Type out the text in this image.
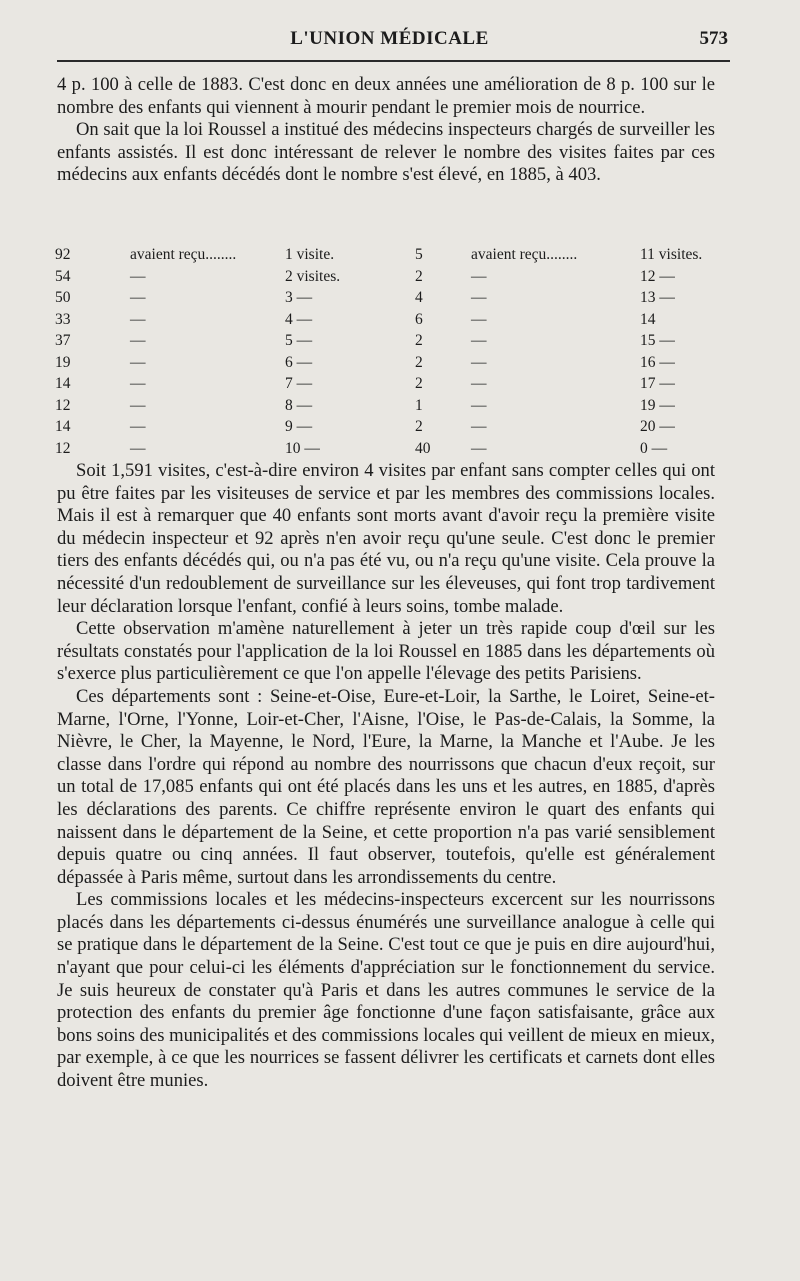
L'UNION MÉDICALE	573

4 p. 100 à celle de 1883. C'est donc en deux années une amélioration de 8 p. 100 sur le nombre des enfants qui viennent à mourir pendant le premier mois de nourrice.

On sait que la loi Roussel a institué des médecins inspecteurs chargés de surveiller les enfants assistés. Il est donc intéressant de relever le nombre des visites faites par ces médecins aux enfants décédés dont le nombre s'est élevé, en 1885, à 403.

92	avaient reçu........	1 visite.	5	avaient reçu........	11 visites.
54	—	2 visites.	2	—	12 —
50	—	3 —	4	—	13 —
33	—	4 —	6	—	14
37	—	5 —	2	—	15 —
19	—	6 —	2	—	16 —
14	—	7 —	2	—	17 —
12	—	8 —	1	—	19 —
14	—	9 —	2	—	20 —
12	—	10 —	40	—	0 —

Soit 1,591 visites, c'est-à-dire environ 4 visites par enfant sans compter celles qui ont pu être faites par les visiteuses de service et par les membres des commissions locales. Mais il est à remarquer que 40 enfants sont morts avant d'avoir reçu la première visite du médecin inspecteur et 92 après n'en avoir reçu qu'une seule. C'est donc le premier tiers des enfants décédés qui, ou n'a pas été vu, ou n'a reçu qu'une visite. Cela prouve la nécessité d'un redoublement de surveillance sur les éleveuses, qui font trop tardivement leur déclaration lorsque l'enfant, confié à leurs soins, tombe malade.

Cette observation m'amène naturellement à jeter un très rapide coup d'œil sur les résultats constatés pour l'application de la loi Roussel en 1885 dans les départements où s'exerce plus particulièrement ce que l'on appelle l'élevage des petits Parisiens.

Ces départements sont : Seine-et-Oise, Eure-et-Loir, la Sarthe, le Loiret, Seine-et-Marne, l'Orne, l'Yonne, Loir-et-Cher, l'Aisne, l'Oise, le Pas-de-Calais, la Somme, la Nièvre, le Cher, la Mayenne, le Nord, l'Eure, la Marne, la Manche et l'Aube. Je les classe dans l'ordre qui répond au nombre des nourrissons que chacun d'eux reçoit, sur un total de 17,085 enfants qui ont été placés dans les uns et les autres, en 1885, d'après les déclarations des parents. Ce chiffre représente environ le quart des enfants qui naissent dans le département de la Seine, et cette proportion n'a pas varié sensiblement depuis quatre ou cinq années. Il faut observer, toutefois, qu'elle est généralement dépassée à Paris même, surtout dans les arrondissements du centre.

Les commissions locales et les médecins-inspecteurs excercent sur les nourrissons placés dans les départements ci-dessus énumérés une surveillance analogue à celle qui se pratique dans le département de la Seine. C'est tout ce que je puis en dire aujourd'hui, n'ayant que pour celui-ci les éléments d'appréciation sur le fonctionnement du service. Je suis heureux de constater qu'à Paris et dans les autres communes le service de la protection des enfants du premier âge fonctionne d'une façon satisfaisante, grâce aux bons soins des municipalités et des commissions locales qui veillent de mieux en mieux, par exemple, à ce que les nourrices se fassent délivrer les certificats et carnets dont elles doivent être munies.
